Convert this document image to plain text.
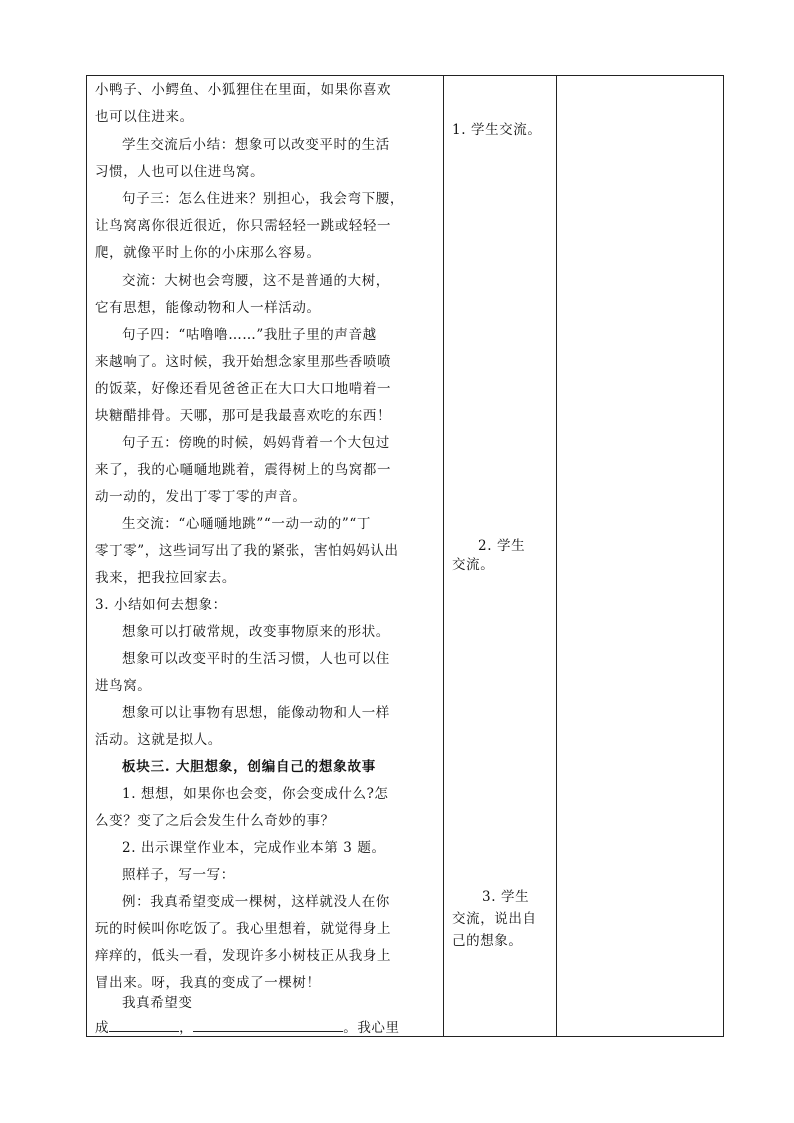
小鸭子、小鳄鱼、小狐狸住在里面，如果你喜欢
也可以住进来。
学生交流后小结：想象可以改变平时的生活
习惯，人也可以住进鸟窝。
句子三：怎么住进来？别担心，我会弯下腰，
让鸟窝离你很近很近，你只需轻轻一跳或轻轻一
爬，就像平时上你的小床那么容易。
交流：大树也会弯腰，这不是普通的大树，
它有思想，能像动物和人一样活动。
句子四：“咕噜噜……”我肚子里的声音越
来越响了。这时候，我开始想念家里那些香喷喷
的饭菜，好像还看见爸爸正在大口大口地啃着一
块糖醋排骨。天哪，那可是我最喜欢吃的东西！
句子五：傍晚的时候，妈妈背着一个大包过
来了，我的心嗵嗵地跳着，震得树上的鸟窝都一
动一动的，发出丁零丁零的声音。
生交流：“心嗵嗵地跳”“一动一动的”“丁
零丁零”，这些词写出了我的紧张，害怕妈妈认出
我来，把我拉回家去。
3. 小结如何去想象：
想象可以打破常规，改变事物原来的形状。
想象可以改变平时的生活习惯，人也可以住
进鸟窝。
想象可以让事物有思想，能像动物和人一样
活动。这就是拟人。
板块三. 大胆想象，创编自己的想象故事
1. 想想，如果你也会变，你会变成什么?怎
么变？变了之后会发生什么奇妙的事？
2. 出示课堂作业本，完成作业本第 3 题。
照样子，写一写：
例：我真希望变成一棵树，这样就没人在你
玩的时候叫你吃饭了。我心里想着，就觉得身上
痒痒的，低头一看，发现许多小树枝正从我身上
冒出来。呀，我真的变成了一棵树！
我真希望变
成	，	。我心里
1. 学生交流。
2. 学生
交流。
3. 学生
交流，说出自
己的想象。
